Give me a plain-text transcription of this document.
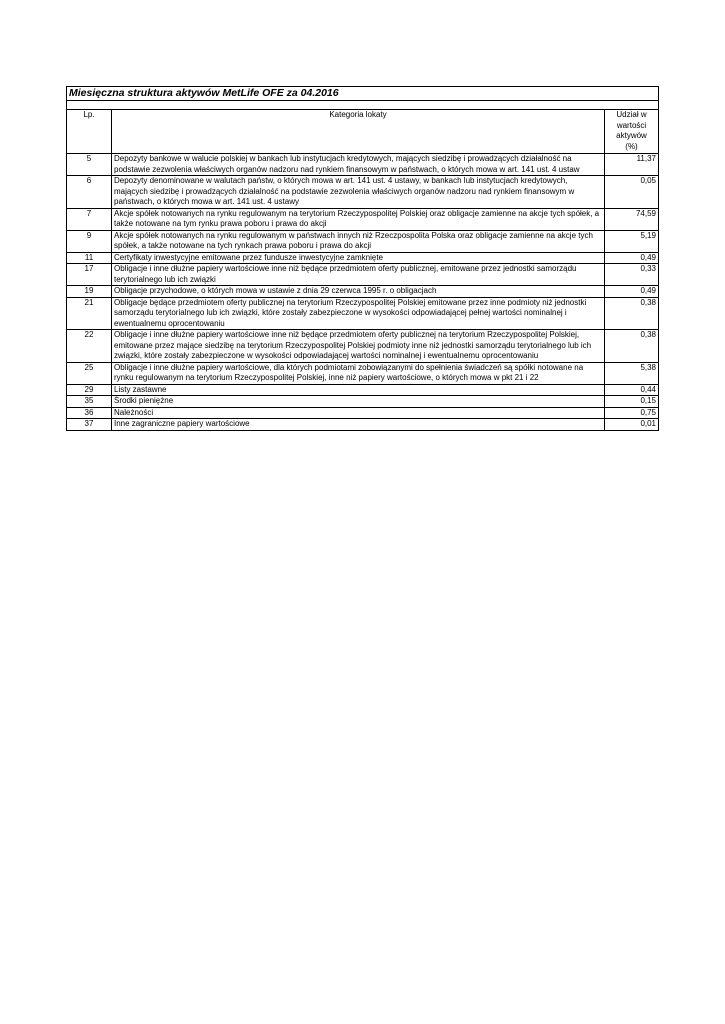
Miesięczna struktura aktywów MetLife OFE za 04.2016		

Lp.	Kategoria lokaty	Udział w
wartości
aktywów
(%)

5	Depozyty bankowe w walucie polskiej w bankach lub instytucjach kredytowych, mających siedzibę i prowadzących działalność na podstawie zezwolenia właściwych organów nadzoru nad rynkiem finansowym w państwach, o których mowa w art. 141 ust. 4 ustaw	11,37
6	Depozyty denominowane w walutach państw, o których mowa w art. 141 ust. 4 ustawy, w bankach lub instytucjach kredytowych, mających siedzibę i prowadzących działalność na podstawie zezwolenia właściwych organów nadzoru nad rynkiem finansowym w państwach, o których mowa w art. 141 ust. 4 ustawy	0,05
7	Akcje spółek notowanych na rynku regulowanym na terytorium Rzeczypospolitej Polskiej oraz obligacje zamienne na akcje tych spółek, a także notowane na tym rynku prawa poboru i prawa do akcji	74,59
9	Akcje spółek notowanych na rynku regulowanym w państwach innych niż Rzeczpospolita Polska oraz obligacje zamienne na akcje tych spółek, a także notowane na tych rynkach prawa poboru i prawa do akcji	5,19
11	Certyfikaty inwestycyjne emitowane przez fundusze inwestycyjne zamknięte	0,49
17	Obligacje i inne dłużne papiery wartościowe inne niż będące przedmiotem oferty publicznej, emitowane przez jednostki samorządu terytorialnego lub ich związki	0,33
19	Obligacje przychodowe, o których mowa w ustawie z dnia 29 czerwca 1995 r. o obligacjach	0,49
21	Obligacje będące przedmiotem oferty publicznej na terytorium Rzeczypospolitej Polskiej emitowane przez inne podmioty niż jednostki samorządu terytorialnego lub ich związki, które zostały zabezpieczone w wysokości odpowiadającej pełnej wartości nominalnej i ewentualnemu oprocentowaniu	0,38
22	Obligacje i inne dłużne papiery wartościowe inne niż będące przedmiotem oferty publicznej na terytorium Rzeczypospolitej Polskiej, emitowane przez mające siedzibę na terytorium Rzeczypospolitej Polskiej podmioty inne niż jednostki samorządu terytorialnego lub ich związki, które zostały zabezpieczone w wysokości odpowiadającej wartości nominalnej i ewentualnemu oprocentowaniu	0,38
25	Obligacje i inne dłużne papiery wartościowe, dla których podmiotami zobowiązanymi do spełnienia świadczeń są spółki notowane na rynku regulowanym na terytorium Rzeczypospolitej Polskiej, inne niż papiery wartościowe, o których mowa w pkt 21 i 22	5,38
29	Listy zastawne	0,44
35	Środki pieniężne	0,15
36	Należności	0,75
37	Inne zagraniczne papiery wartościowe	0,01
